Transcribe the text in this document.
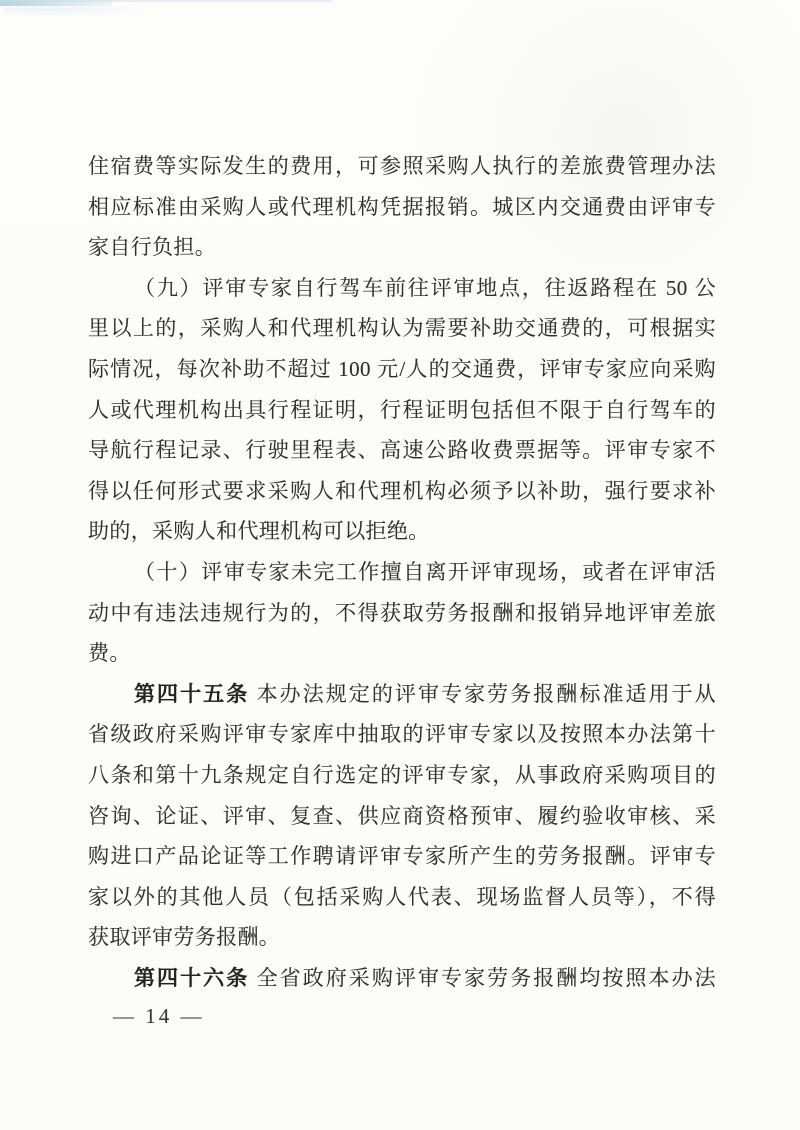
住宿费等实际发生的费用，可参照采购人执行的差旅费管理办法
相应标准由采购人或代理机构凭据报销。城区内交通费由评审专
家自行负担。
（九）评审专家自行驾车前往评审地点，往返路程在 50 公
里以上的，采购人和代理机构认为需要补助交通费的，可根据实
际情况，每次补助不超过 100 元/人的交通费，评审专家应向采购
人或代理机构出具行程证明，行程证明包括但不限于自行驾车的
导航行程记录、行驶里程表、高速公路收费票据等。评审专家不
得以任何形式要求采购人和代理机构必须予以补助，强行要求补
助的，采购人和代理机构可以拒绝。
（十）评审专家未完工作擅自离开评审现场，或者在评审活
动中有违法违规行为的，不得获取劳务报酬和报销异地评审差旅
费。
第四十五条 本办法规定的评审专家劳务报酬标准适用于从
省级政府采购评审专家库中抽取的评审专家以及按照本办法第十
八条和第十九条规定自行选定的评审专家，从事政府采购项目的
咨询、论证、评审、复查、供应商资格预审、履约验收审核、采
购进口产品论证等工作聘请评审专家所产生的劳务报酬。评审专
家以外的其他人员（包括采购人代表、现场监督人员等），不得
获取评审劳务报酬。
第四十六条 全省政府采购评审专家劳务报酬均按照本办法
— 14 —
